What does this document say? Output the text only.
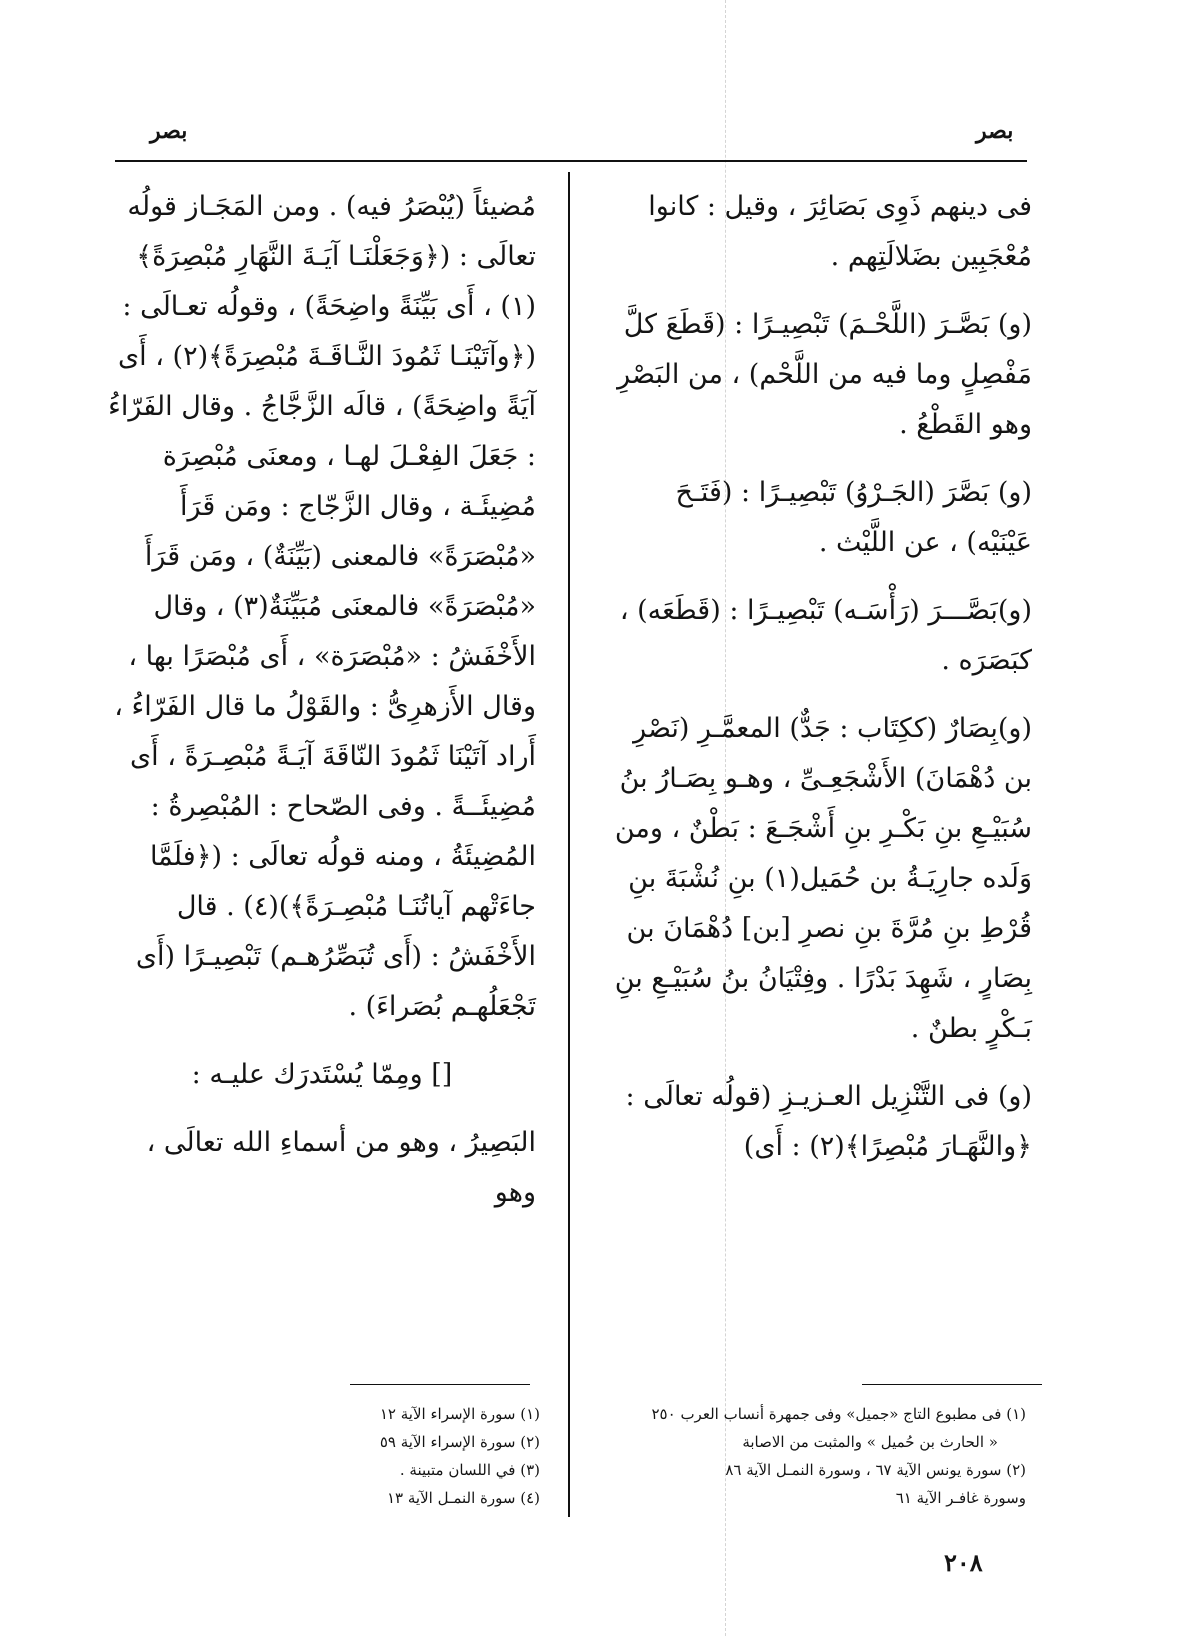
بصر
بصر

فى دينهم ذَوِى بَصَائِرَ ، وقيل : كانوا مُعْجَبِين بضَلالَتِهم .

(و) بَصَّـرَ (اللَّحْـمَ) تَبْصِيـرًا : (قَطَعَ كلَّ مَفْصِلٍ وما فيه من اللَّحْم) ، من البَصْرِ وهو القَطْعُ .

(و) بَصَّرَ (الجَـرْوُ) تَبْصِيـرًا : (فَتَـحَ عَيْنَيْه) ، عن اللَّيْث .

(و)بَصَّـــرَ (رَأْسَـه) تَبْصِيـرًا : (قَطَعَه) ، كبَصَرَه .

(و)بِصَارٌ (ككِتَاب : جَدٌّ) المعمَّـرِ (نَصْرِ بن دُهْمَانَ) الأَشْجَعِـىِّ ، وهـو بِصَـارُ بنُ سُبَيْـعِ بنِ بَكْـرِ بنِ أَشْجَـعَ : بَطْنٌ ، ومن وَلَده جارِيَـةُ بن حُمَيل(١) بنِ نُشْبَةَ بنِ قُرْطِ بنِ مُرَّةَ بنِ نصرِ [بن] دُهْمَانَ بن بِصَارٍ ، شَهِدَ بَدْرًا . وفِتْيَانُ بنُ سُبَيْـعِ بنِ بَـكْرٍ بطنٌ .

(و) فى التَّنْزِيل العـزيـزِ (قولُه تعالَى : ﴿والنَّهَـارَ مُبْصِرًا﴾(٢) : أَى)

مُضيئاً (يُبْصَرُ فيه) . ومن المَجَـاز قولُه تعالَى : (﴿وَجَعَلْنَـا آيَـةَ النَّهَارِ مُبْصِرَةً﴾(١) ، أَى بَيِّنَةً واضِحَةً) ، وقولُه تعـالَى : (﴿وآتَيْنَـا ثَمُودَ النَّـاقَـةَ مُبْصِرَةً﴾(٢) ، أَى آيَةً واضِحَةً) ، قالَه الزَّجَّاجُ . وقال الفَرّاءُ : جَعَلَ الفِعْـلَ لهـا ، ومعنَى مُبْصِرَة مُضِيئَـة ، وقال الزَّجّاج : ومَن قَرَأَ «مُبْصَرَةً» فالمعنى (بَيِّنَةٌ) ، ومَن قَرَأَ «مُبْصَرَةً» فالمعنَى مُبَيِّنَةٌ(٣) ، وقال الأَخْفَشُ : «مُبْصَرَة» ، أَى مُبْصَرًا بها ، وقال الأَزهرِىُّ : والقَوْلُ ما قال الفَرّاءُ ، أَراد آتَيْنَا ثَمُودَ النّاقَةَ آيَـةً مُبْصِـرَةً ، أَى مُضِيئَــةً . وفى الصّحاح : المُبْصِرةُ : المُضِيئَةُ ، ومنه قولُه تعالَى : (﴿فلَمَّا جاءَتْهم آياتُنَـا مُبْصِـرَةً﴾)(٤) . قال الأَخْفَشُ : (أَى تُبَصِّرُهـم) تَبْصِيـرًا (أَى تَجْعَلُهـم بُصَراءَ) .

[] ومِمّا يُسْتَدرَك عليـه :

البَصِيرُ ، وهو من أسماءِ الله تعالَى ، وهو

(١) سورة الإسراء الآية ١٢
(٢) سورة الإسراء الآية ٥٩
(٣) في اللسان متبينة .
(٤) سورة النمـل الآية ١٣
(١) فى مطبوع التاج «جميل» وفى جمهرة أنساب العرب ٢٥٠
« الحارث بن حُميل » والمثبت من الاصابة
(٢) سورة يونس الآية ٦٧ ، وسورة النمـل الآية ٨٦
وسورة غافـر الآية ٦١
٢٠٨
